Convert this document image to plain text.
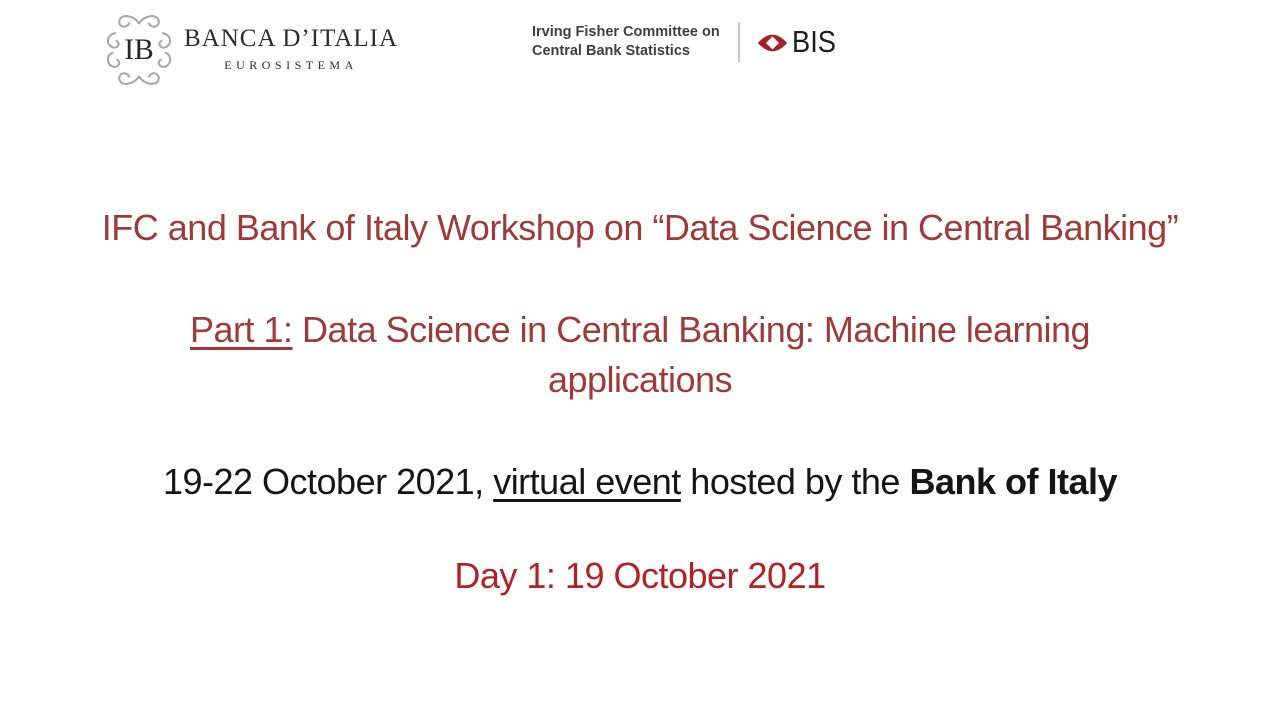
IB BANCA D’ITALIA
EUROSISTEMA
Irving Fisher Committee on
Central Bank Statistics	BIS
IFC and Bank of Italy Workshop on “Data Science in Central Banking”
Part 1: Data Science in Central Banking: Machine learning applications
19-22 October 2021, virtual event hosted by the Bank of Italy
Day 1: 19 October 2021
